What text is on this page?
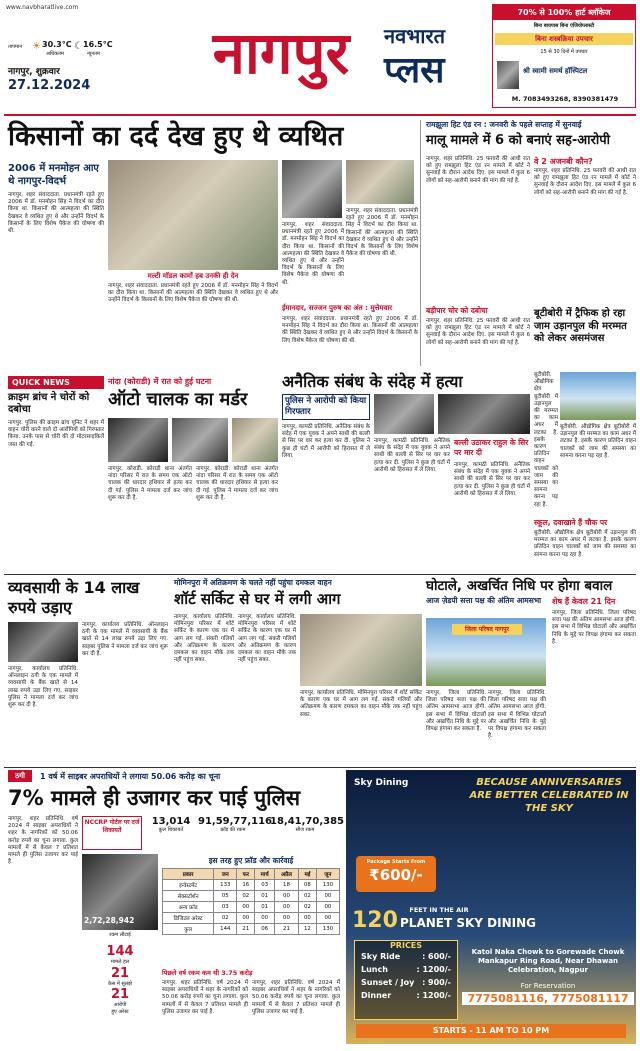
www.navbharatlive.com
तापमान ☀ 30.3°C
अधिकतम
☾ 16.5°C
न्यूनतम
नागपुर, शुक्रवार
27.12.2024	नागपुर	नवभारत
प्लस
70% से 100% हार्ट ब्लॉकेज
बिना बायपास बिना एंजियोप्लास्टी
बिना शस्त्रक्रिया उपचार
15 से 30 दिनों में उपचार
श्री स्वामी समर्थ हॉस्पिटल
M. 7083493268, 8390381479
किसानों का दर्द देख हुए थे व्यथित
2006 में मनमोहन आए थे नागपुर-विदर्भ
नागपुर, शहर संवाददाता. प्रधानमंत्री रहते हुए 2006 में डॉ. मनमोहन सिंह ने विदर्भ का दौरा किया था. किसानों की आत्महत्या की स्थिति देखकर वे व्यथित हुए थे और उन्होंने विदर्भ के किसानों के लिए विशेष पैकेज की घोषणा की थी.
मल्टी मॉडल कामों हब उनकी ही देन
नागपुर, शहर संवाददाता. प्रधानमंत्री रहते हुए 2006 में डॉ. मनमोहन सिंह ने विदर्भ का दौरा किया था. किसानों की आत्महत्या की स्थिति देखकर वे व्यथित हुए थे और उन्होंने विदर्भ के किसानों के लिए विशेष पैकेज की घोषणा की थी.
नागपुर, शहर संवाददाता. प्रधानमंत्री रहते हुए 2006 में डॉ. मनमोहन सिंह ने विदर्भ का दौरा किया था. किसानों की आत्महत्या की स्थिति देखकर वे व्यथित हुए थे और उन्होंने विदर्भ के किसानों के लिए विशेष पैकेज की घोषणा की थी.
नागपुर, शहर संवाददाता. प्रधानमंत्री रहते हुए 2006 में डॉ. मनमोहन सिंह ने विदर्भ का दौरा किया था. किसानों की आत्महत्या की स्थिति देखकर वे व्यथित हुए थे और उन्होंने विदर्भ के किसानों के लिए विशेष पैकेज की घोषणा की थी.
ईमानदार, सज्जन पुरुष का अंत : मुत्तेमवार
नागपुर, शहर संवाददाता. प्रधानमंत्री रहते हुए 2006 में डॉ. मनमोहन सिंह ने विदर्भ का दौरा किया था. किसानों की आत्महत्या की स्थिति देखकर वे व्यथित हुए थे और उन्होंने विदर्भ के किसानों के लिए विशेष पैकेज की घोषणा की थी.
रामझूला हिट एंड रन : जनवरी के पहले सप्ताह में सुनवाई
मालू मामले में 6 को बनाएं सह-आरोपी
नागपुर, शहर प्रतिनिधि. 25 फरवरी की आधी रात को हुए रामझूला हिट एंड रन मामले में कोर्ट ने सुनवाई के दौरान आदेश दिए. इस मामले में कुल 6 लोगों को सह-आरोपी बनाने की मांग की गई है.
वे 2 अजनबी कौन?
नागपुर, शहर प्रतिनिधि. 25 फरवरी की आधी रात को हुए रामझूला हिट एंड रन मामले में कोर्ट ने सुनवाई के दौरान आदेश दिए. इस मामले में कुल 6 लोगों को सह-आरोपी बनाने की मांग की गई है.
बड़ीपार चोर को दबोचा
नागपुर, शहर प्रतिनिधि. 25 फरवरी की आधी रात को हुए रामझूला हिट एंड रन मामले में कोर्ट ने सुनवाई के दौरान आदेश दिए. इस मामले में कुल 6 लोगों को सह-आरोपी बनाने की मांग की गई है.
बूटीबोरी में ट्रैफिक हो रहा जाम उड़ानपुल की मरम्मत को लेकर असमंजस
बूटीबोरी. औद्योगिक क्षेत्र बूटीबोरी में उड़ानपुल की मरम्मत का काम अधर में लटका है. इसके कारण प्रतिदिन वाहन चालकों को जाम की समस्या का सामना करना पड़ रहा है.
बूटीबोरी. औद्योगिक क्षेत्र बूटीबोरी में उड़ानपुल की मरम्मत का काम अधर में लटका है. इसके कारण प्रतिदिन वाहन चालकों को जाम की समस्या का सामना करना पड़ रहा है.
स्कूल, दवाखाने हैं चौक पर
बूटीबोरी. औद्योगिक क्षेत्र बूटीबोरी में उड़ानपुल की मरम्मत का काम अधर में लटका है. इसके कारण प्रतिदिन वाहन चालकों को जाम की समस्या का सामना करना पड़ रहा है.
QUICK NEWS
क्राइम ब्रांच ने चोरों को दबोचा
नागपुर. पुलिस की क्राइम ब्रांच यूनिट ने शहर में वाहन चोरी करने वाले दो आरोपियों को गिरफ्तार किया. उनके पास से चोरी की दो मोटरसाइकिलें जब्त की गईं.
नांदा (कोराडी) में रात को हुई घटना
ऑटो चालक का मर्डर
नागपुर, कोराडी. कोराडी थाना अंतर्गत नांदा परिसर में रात के समय एक ऑटो चालक की धारदार हथियार से हत्या कर दी गई. पुलिस ने मामला दर्ज कर जांच शुरू कर दी है.
नागपुर, कोराडी. कोराडी थाना अंतर्गत नांदा परिसर में रात के समय एक ऑटो चालक की धारदार हथियार से हत्या कर दी गई. पुलिस ने मामला दर्ज कर जांच शुरू कर दी है.
अनैतिक संबंध के संदेह में हत्या
पुलिस ने आरोपी को किया गिरफ्तार
नागपुर, कामठी प्रतिनिधि. अनैतिक संबंध के संदेह में एक युवक ने अपने साथी की बल्ली से सिर पर वार कर हत्या कर दी. पुलिस ने कुछ ही घंटों में आरोपी को हिरासत में ले लिया.
नागपुर, कामठी प्रतिनिधि. अनैतिक संबंध के संदेह में एक युवक ने अपने साथी की बल्ली से सिर पर वार कर हत्या कर दी. पुलिस ने कुछ ही घंटों में आरोपी को हिरासत में ले लिया.
बल्ली उठाकर राहुल के सिर पर मार दी
नागपुर, कामठी प्रतिनिधि. अनैतिक संबंध के संदेह में एक युवक ने अपने साथी की बल्ली से सिर पर वार कर हत्या कर दी. पुलिस ने कुछ ही घंटों में आरोपी को हिरासत में ले लिया.
व्यवसायी के 14 लाख रुपये उड़ाए
नागपुर, कार्यालय प्रतिनिधि. ऑनलाइन ठगी के एक मामले में व्यवसायी के बैंक खाते से 14 लाख रुपये उड़ा लिए गए. साइबर पुलिस ने मामला दर्ज कर जांच शुरू कर दी है.
नागपुर, कार्यालय प्रतिनिधि. ऑनलाइन ठगी के एक मामले में व्यवसायी के बैंक खाते से 14 लाख रुपये उड़ा लिए गए. साइबर पुलिस ने मामला दर्ज कर जांच शुरू कर दी है.
मोमिनपुरा में अतिक्रमण के चलते नहीं पहुंचा दमकल वाहन
शॉर्ट सर्किट से घर में लगी आग
नागपुर, कार्यालय प्रतिनिधि. मोमिनपुरा परिसर में शॉर्ट सर्किट के कारण एक घर में आग लग गई. संकरी गलियों और अतिक्रमण के कारण दमकल का वाहन मौके तक नहीं पहुंच सका.
नागपुर, कार्यालय प्रतिनिधि. मोमिनपुरा परिसर में शॉर्ट सर्किट के कारण एक घर में आग लग गई. संकरी गलियों और अतिक्रमण के कारण दमकल का वाहन मौके तक नहीं पहुंच सका.
नागपुर, कार्यालय प्रतिनिधि. मोमिनपुरा परिसर में शॉर्ट सर्किट के कारण एक घर में आग लग गई. संकरी गलियों और अतिक्रमण के कारण दमकल का वाहन मौके तक नहीं पहुंच सका.
घोटाले, अखर्चित निधि पर होगा बवाल
आज ज़ेडपी सत्ता पक्ष की अंतिम आमसभा	शेष हैं केवल 21 दिन
जिला परिषद नागपुर
नागपुर, जिला प्रतिनिधि. जिला परिषद सत्ता पक्ष की अंतिम आमसभा आज होगी. इस सभा में विभिन्न घोटालों और अखर्चित निधि के मुद्दे पर विपक्ष हंगामा कर सकता है.
नागपुर, जिला प्रतिनिधि. जिला परिषद सत्ता पक्ष की अंतिम आमसभा आज होगी. इस सभा में विभिन्न घोटालों और अखर्चित निधि के मुद्दे पर विपक्ष हंगामा कर सकता है.
नागपुर, जिला प्रतिनिधि. जिला परिषद सत्ता पक्ष की अंतिम आमसभा आज होगी. इस सभा में विभिन्न घोटालों और अखर्चित निधि के मुद्दे पर विपक्ष हंगामा कर सकता है.
ठगी	1 वर्ष में साइबर अपराधियों ने लगाया 50.06 करोड़ का चूना
7% मामले ही उजागर कर पाई पुलिस
नागपुर, शहर प्रतिनिधि. वर्ष 2024 में साइबर अपराधियों ने शहर के नागरिकों को 50.06 करोड़ रुपये का चूना लगाया. कुल मामलों में से केवल 7 प्रतिशत मामले ही पुलिस उजागर कर पाई है.
NCCRP पोर्टल पर दर्ज शिकायतें
13,014
कुल शिकायतें
91,59,77,116
फ्रॉड की रकम
18,41,70,385
सीज रकम
2,72,28,942
रकम लौटाई
144
मामले हल
21
केस में सुलझे
21
आरोपी
हुए अरेस्ट
इस तरह हुए फ्रॉड और कार्रवाई
प्रकार	जन	फर	मार्च	अप्रैल	मई	जून
इन्वेस्टमेंट	133	16	03	18	08	130
सेक्सटॉर्शन	05	02	01	00	02	00
अन्य फ्रॉड	03	00	01	00	02	00
डिजिटल अरेस्ट	02	00	00	00	00	00
कुल	144	21	06	21	12	130
पिछले वर्ष रकम कम थी 3.75 करोड़
नागपुर, शहर प्रतिनिधि. वर्ष 2024 में साइबर अपराधियों ने शहर के नागरिकों को 50.06 करोड़ रुपये का चूना लगाया. कुल मामलों में से केवल 7 प्रतिशत मामले ही पुलिस उजागर कर पाई है.
नागपुर, शहर प्रतिनिधि. वर्ष 2024 में साइबर अपराधियों ने शहर के नागरिकों को 50.06 करोड़ रुपये का चूना लगाया. कुल मामलों में से केवल 7 प्रतिशत मामले ही पुलिस उजागर कर पाई है.
Sky Dining	BECAUSE ANNIVERSARIES ARE BETTER CELEBRATED IN THE SKY
Package Starts From
₹600/-
FEET IN THE AIR
120 PLANET SKY DINING
PRICES
Sky Ride	: 600/-
Lunch	: 1200/-
Sunset / Joy : 900/-
Dinner	: 1200/-
Katol Naka Chowk to Gorewade Chowk Mankapur Ring Road, Near Dhawan Celebration, Nagpur
For Reservation
7775081116, 7775081117
STARTS - 11 AM TO 10 PM
